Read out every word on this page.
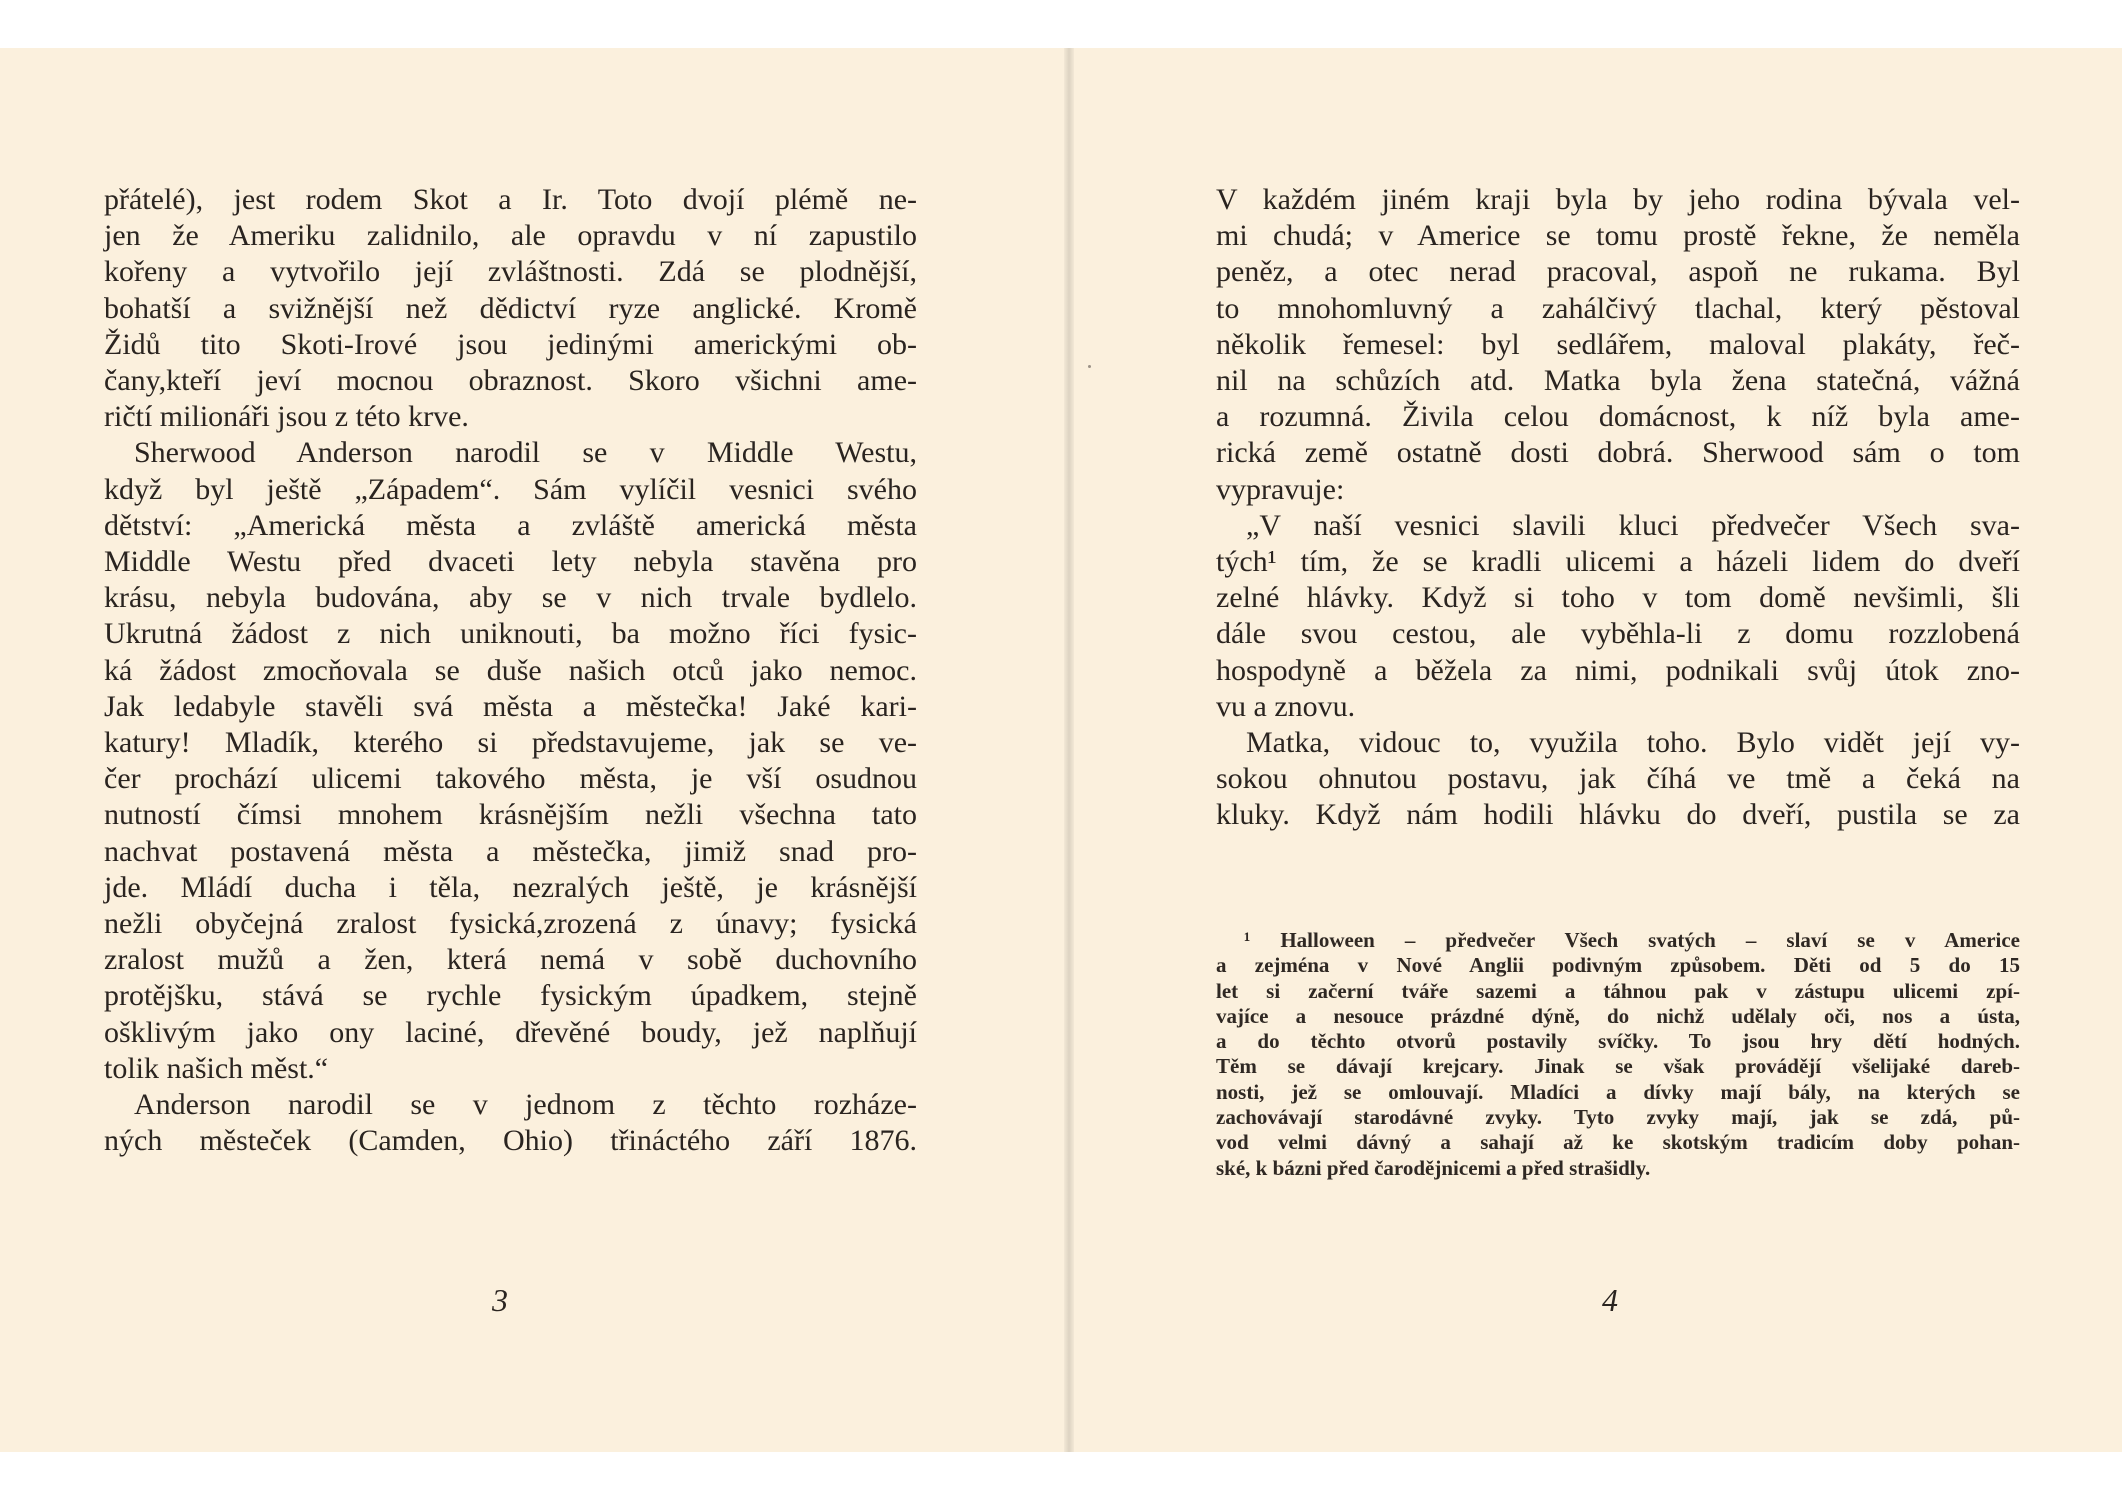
přátelé), jest rodem Skot a Ir. Toto dvojí plémě ne-
jen že Ameriku zalidnilo, ale opravdu v ní zapustilo
kořeny a vytvořilo její zvláštnosti. Zdá se plodnější,
bohatší a svižnější než dědictví ryze anglické. Kromě
Židů tito Skoti-Irové jsou jedinými americkými ob-
čany,kteří jeví mocnou obraznost. Skoro všichni ame-
ričtí milionáři jsou z této krve.
Sherwood Anderson narodil se v Middle Westu,
když byl ještě „Západem“. Sám vylíčil vesnici svého
dětství: „Americká města a zvláště americká města
Middle Westu před dvaceti lety nebyla stavěna pro
krásu, nebyla budována, aby se v nich trvale bydlelo.
Ukrutná žádost z nich uniknouti, ba možno říci fysic-
ká žádost zmocňovala se duše našich otců jako nemoc.
Jak ledabyle stavěli svá města a městečka! Jaké kari-
katury! Mladík, kterého si představujeme, jak se ve-
čer prochází ulicemi takového města, je vší osudnou
nutností čímsi mnohem krásnějším nežli všechna tato
nachvat postavená města a městečka, jimiž snad pro-
jde. Mládí ducha i těla, nezralých ještě, je krásnější
nežli obyčejná zralost fysická,zrozená z únavy; fysická
zralost mužů a žen, která nemá v sobě duchovního
protějšku, stává se rychle fysickým úpadkem, stejně
ošklivým jako ony laciné, dřevěné boudy, jež naplňují
tolik našich měst.“
Anderson narodil se v jednom z těchto rozháze-
ných městeček (Camden, Ohio) třináctého září 1876.

3

V každém jiném kraji byla by jeho rodina bývala vel-
mi chudá; v Americe se tomu prostě řekne, že neměla
peněz, a otec nerad pracoval, aspoň ne rukama. Byl
to mnohomluvný a zahálčivý tlachal, který pěstoval
několik řemesel: byl sedlářem, maloval plakáty, řeč-
nil na schůzích atd. Matka byla žena statečná, vážná
a rozumná. Živila celou domácnost, k níž byla ame-
rická země ostatně dosti dobrá. Sherwood sám o tom
vypravuje:
„V naší vesnici slavili kluci předvečer Všech sva-
tých¹ tím, že se kradli ulicemi a házeli lidem do dveří
zelné hlávky. Když si toho v tom domě nevšimli, šli
dále svou cestou, ale vyběhla-li z domu rozzlobená
hospodyně a běžela za nimi, podnikali svůj útok zno-
vu a znovu.
Matka, vidouc to, využila toho. Bylo vidět její vy-
sokou ohnutou postavu, jak číhá ve tmě a čeká na
kluky. Když nám hodili hlávku do dveří, pustila se za

¹ Halloween – předvečer Všech svatých – slaví se v Americe
a zejména v Nové Anglii podivným způsobem. Děti od 5 do 15
let si začerní tváře sazemi a táhnou pak v zástupu ulicemi zpí-
vajíce a nesouce prázdné dýně, do nichž udělaly oči, nos a ústa,
a do těchto otvorů postavily svíčky. To jsou hry dětí hodných.
Těm se dávají krejcary. Jinak se však provádějí všelijaké dareb-
nosti, jež se omlouvají. Mladíci a dívky mají bály, na kterých se
zachovávají starodávné zvyky. Tyto zvyky mají, jak se zdá, pů-
vod velmi dávný a sahají až ke skotským tradicím doby pohan-
ské, k bázni před čarodějnicemi a před strašidly.
4
